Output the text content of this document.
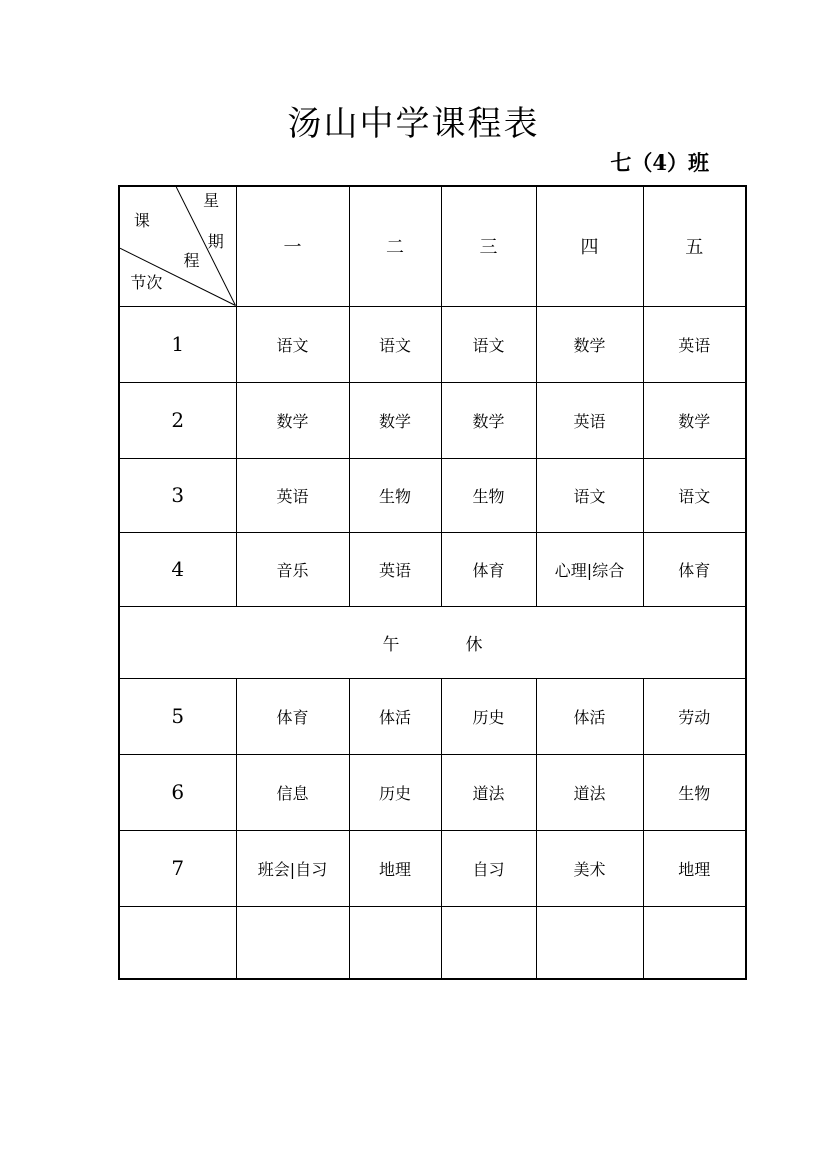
汤山中学课程表
七（4）班
星
期
课
程
节次	一	二	三	四	五
1	语文	语文	语文	数学	英语
2	数学	数学	数学	英语	数学
3	英语	生物	生物	语文	语文
4	音乐	英语	体育	心理|综合	体育
午休					
5	体育	体活	历史	体活	劳动
6	信息	历史	道法	道法	生物
7	班会|自习	地理	自习	美术	地理
